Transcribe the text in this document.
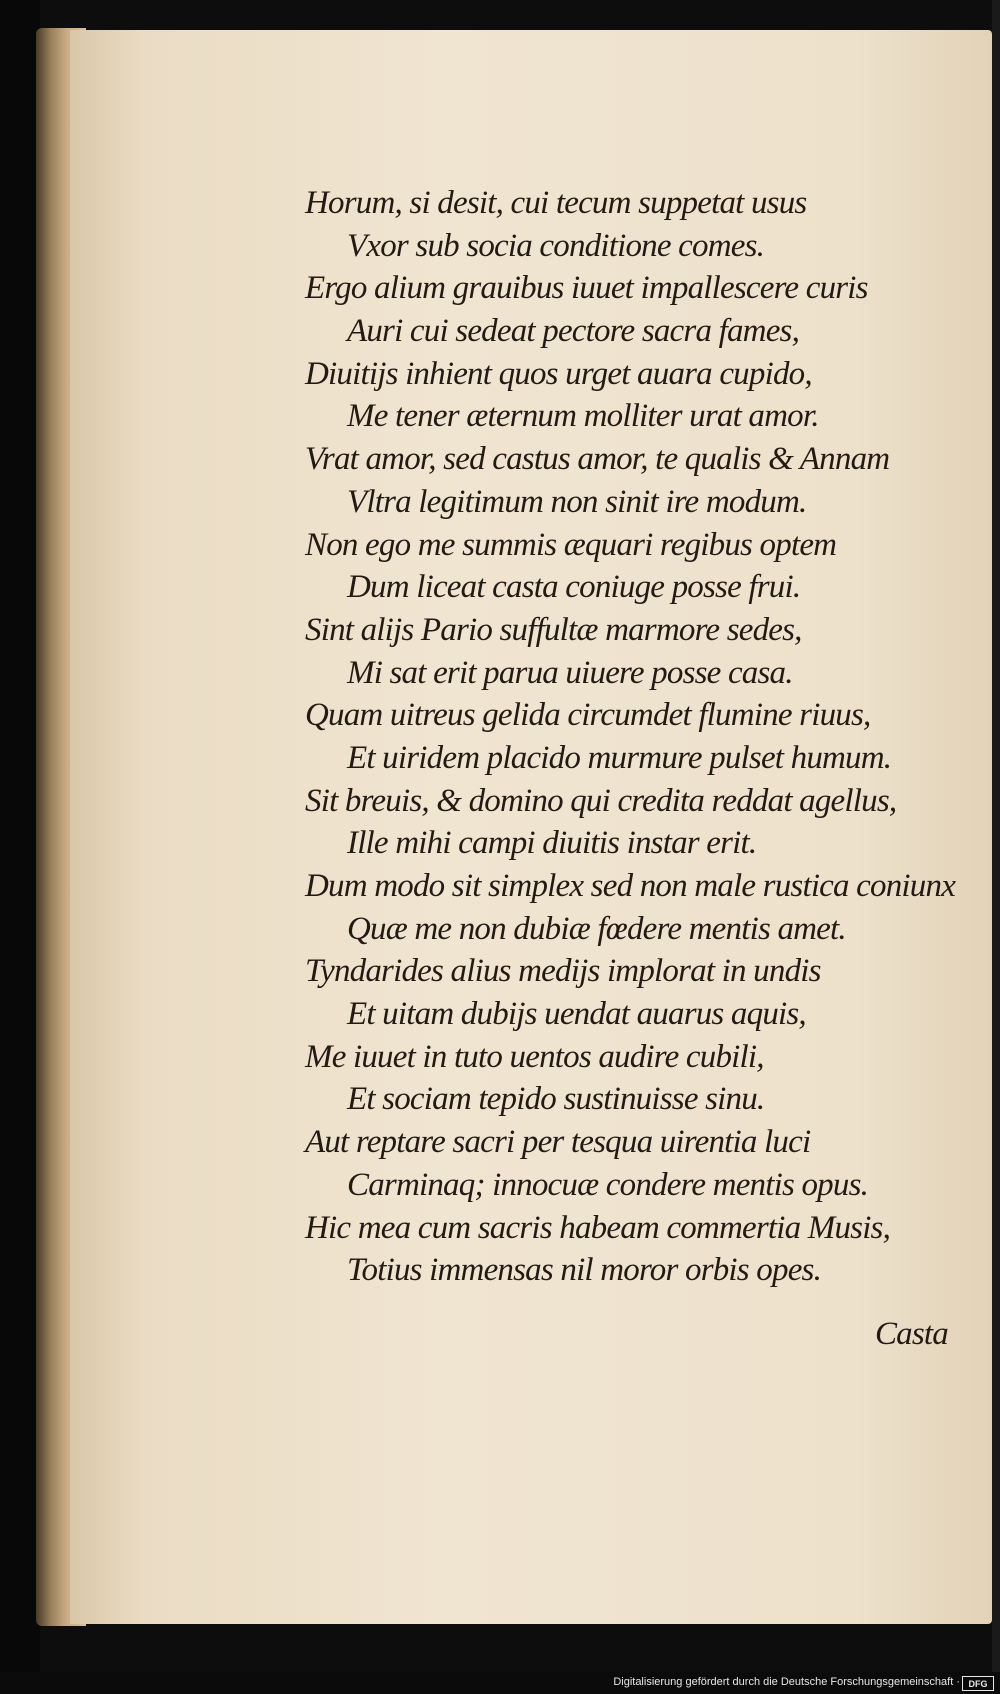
Horum, si desit, cui tecum suppetat usus
Vxor sub socia conditione comes.
Ergo alium grauibus iuuet impallescere curis
Auri cui sedeat pectore sacra fames,
Diuitijs inhient quos urget auara cupido,
Me tener æternum molliter urat amor.
Vrat amor, sed castus amor, te qualis & Annam
Vltra legitimum non sinit ire modum.
Non ego me summis æquari regibus optem
Dum liceat casta coniuge posse frui.
Sint alijs Pario suffultæ marmore sedes,
Mi sat erit parua uiuere posse casa.
Quam uitreus gelida circumdet flumine riuus,
Et uiridem placido murmure pulset humum.
Sit breuis, & domino qui credita reddat agellus,
Ille mihi campi diuitis instar erit.
Dum modo sit simplex sed non male rustica coniunx
Quæ me non dubiæ fœdere mentis amet.
Tyndarides alius medijs implorat in undis
Et uitam dubijs uendat auarus aquis,
Me iuuet in tuto uentos audire cubili,
Et sociam tepido sustinuisse sinu.
Aut reptare sacri per tesqua uirentia luci
Carminaq; innocuæ condere mentis opus.
Hic mea cum sacris habeam commertia Musis,
Totius immensas nil moror orbis opes.
Casta
Digitalisierung gefördert durch die Deutsche Forschungsgemeinschaft · DFG
